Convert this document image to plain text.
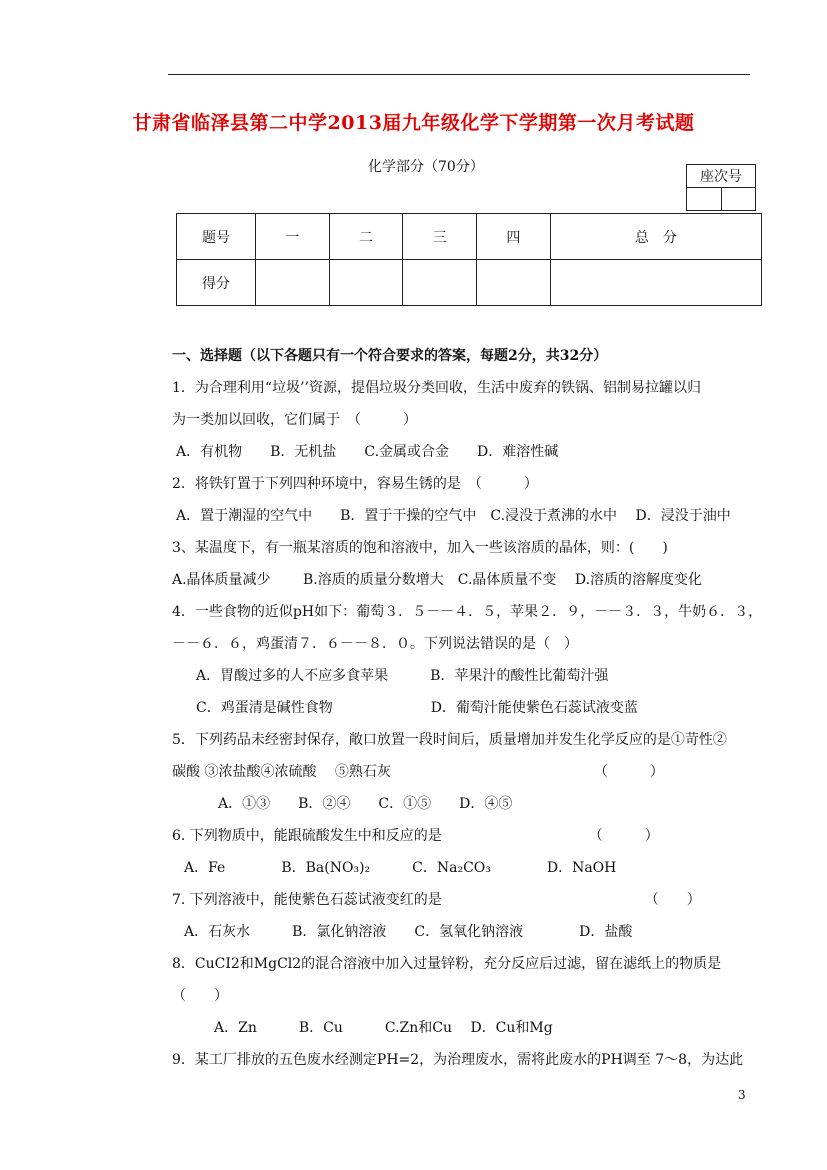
甘肃省临泽县第二中学2013届九年级化学下学期第一次月考试题
化学部分（70分）
座次号

题号	一	二	三	四	总　分
得分					
一、选择题（以下各题只有一个符合要求的答案，每题2分，共32分）
1．为合理利用“垃圾’’资源，提倡垃圾分类回收，生活中废弃的铁锅、铝制易拉罐以归
为一类加以回收，它们属于　（　　　）
A．有机物　　B．无机盐　　C.金属或合金　　D．难溶性碱
2．将铁钉置于下列四种环境中，容易生锈的是　（　　　）
A．置于潮湿的空气中　　B．置于干操的空气中　C.浸没于煮沸的水中　 D．浸没于油中
3、某温度下，有一瓶某溶质的饱和溶液中，加入一些该溶质的晶体，则：(　　)
A.晶体质量减少　　 B.溶质的质量分数增大　C.晶体质量不变　 D.溶质的溶解度变化
4．一些食物的近似pH如下：葡萄３．５－－４．５，苹果２．９，－－３．３，牛奶６．３，
－－６．６，鸡蛋清７．６－－８．０。下列说法错误的是（　）
A．胃酸过多的人不应多食苹果　　　B．苹果汁的酸性比葡萄汁强
C．鸡蛋清是碱性食物　　　　　　　D．葡萄汁能使紫色石蕊试液变蓝
5．下列药品未经密封保存，敞口放置一段时间后，质量增加并发生化学反应的是①苛性②
碳酸 ③浓盐酸④浓硫酸　 ⑤熟石灰　　　　　　　　　　　　　　　（　　　）
A．①③　　B．②④　　C．①⑤　　D．④⑤
6. 下列物质中，能跟硫酸发生中和反应的是　　　　　　　　　　　（　　　）
A．Fe　　　　B．Ba(NO₃)₂　　　C．Na₂CO₃　　　　D．NaOH
7. 下列溶液中，能使紫色石蕊试液变红的是　　　　　　　　　　　　　　　（　　）
A．石灰水　　　B．氯化钠溶液　　C．氢氧化钠溶液　　　　D．盐酸
8．CuCI2和MgCl2的混合溶液中加入过量锌粉，充分反应后过滤，留在滤纸上的物质是
（　　）
A．Zn　　　B．Cu　　　C.Zn和Cu　 D．Cu和Mg
9．某工厂排放的五色废水经测定PH=2，为治理废水，需将此废水的PH调至 7～8，为达此
3
